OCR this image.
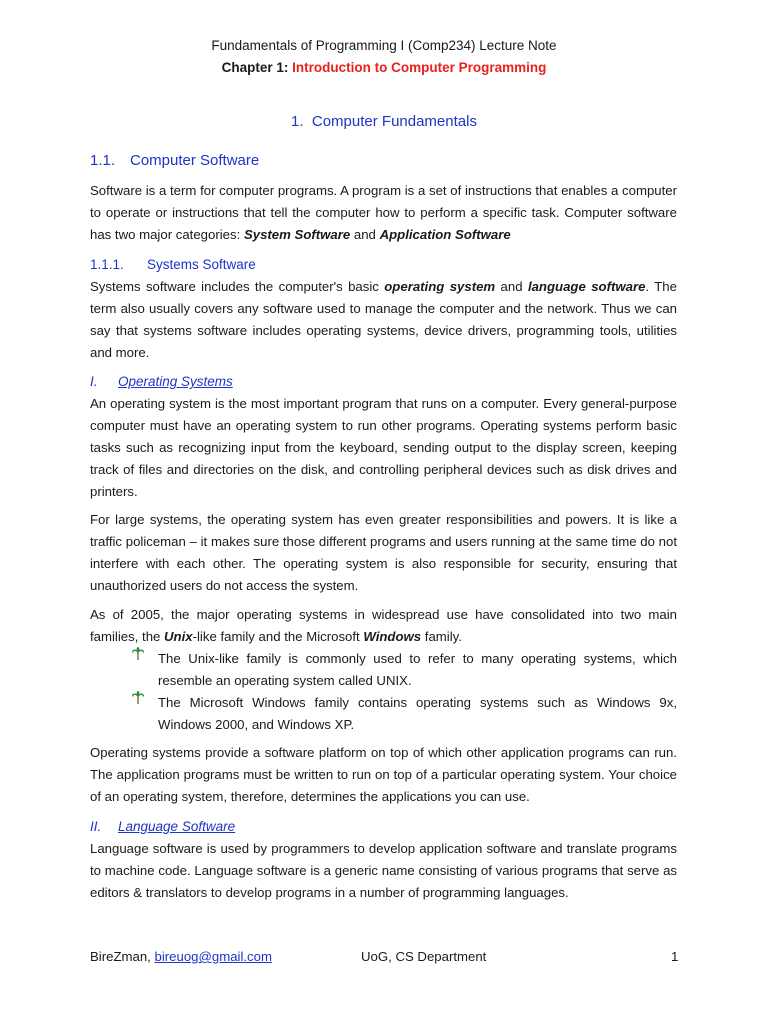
Fundamentals of Programming I (Comp234) Lecture Note
Chapter 1: Introduction to Computer Programming
1. Computer Fundamentals
1.1. Computer Software
Software is a term for computer programs. A program is a set of instructions that enables a computer to operate or instructions that tell the computer how to perform a specific task. Computer software has two major categories: System Software and Application Software
1.1.1. Systems Software
Systems software includes the computer's basic operating system and language software. The term also usually covers any software used to manage the computer and the network. Thus we can say that systems software includes operating systems, device drivers, programming tools, utilities and more.
I. Operating Systems
An operating system is the most important program that runs on a computer. Every general-purpose computer must have an operating system to run other programs. Operating systems perform basic tasks such as recognizing input from the keyboard, sending output to the display screen, keeping track of files and directories on the disk, and controlling peripheral devices such as disk drives and printers.
For large systems, the operating system has even greater responsibilities and powers. It is like a traffic policeman – it makes sure those different programs and users running at the same time do not interfere with each other. The operating system is also responsible for security, ensuring that unauthorized users do not access the system.
As of 2005, the major operating systems in widespread use have consolidated into two main families, the Unix-like family and the Microsoft Windows family.
The Unix-like family is commonly used to refer to many operating systems, which resemble an operating system called UNIX.
The Microsoft Windows family contains operating systems such as Windows 9x, Windows 2000, and Windows XP.
Operating systems provide a software platform on top of which other application programs can run. The application programs must be written to run on top of a particular operating system. Your choice of an operating system, therefore, determines the applications you can use.
II. Language Software
Language software is used by programmers to develop application software and translate programs to machine code. Language software is a generic name consisting of various programs that serve as editors & translators to develop programs in a number of programming languages.
BireZman, bireuog@gmail.com	UoG, CS Department	1
